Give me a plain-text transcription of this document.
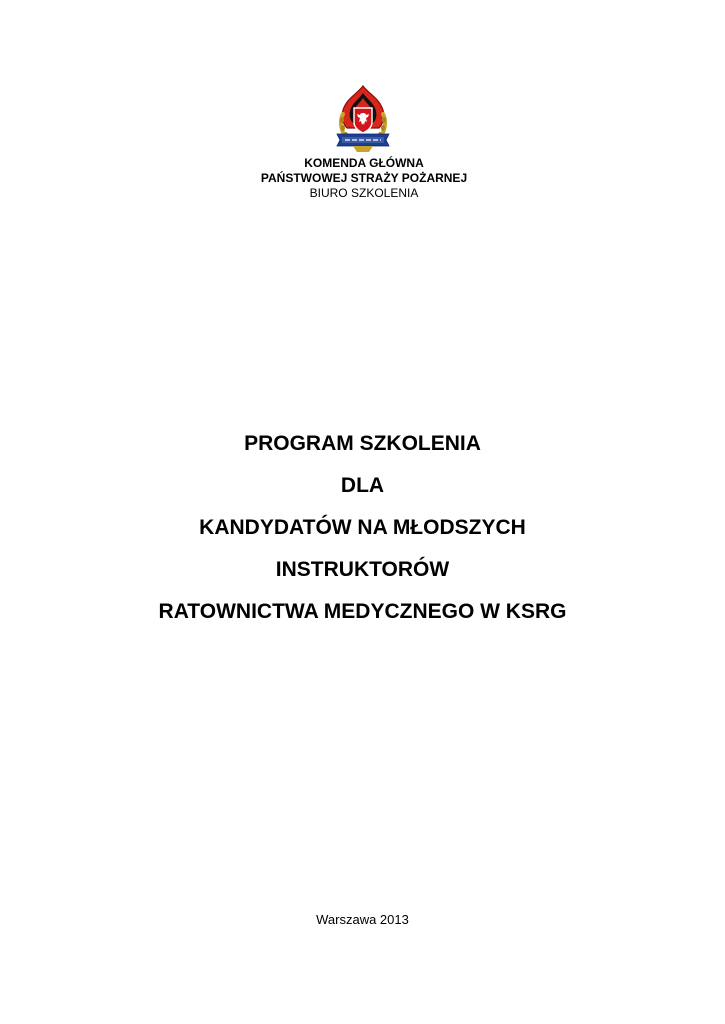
KOMENDA GŁÓWNA
PAŃSTWOWEJ STRAŻY POŻARNEJ
BIURO SZKOLENIA
PROGRAM SZKOLENIA
DLA
KANDYDATÓW NA MŁODSZYCH
INSTRUKTORÓW
RATOWNICTWA MEDYCZNEGO W KSRG
Warszawa 2013
